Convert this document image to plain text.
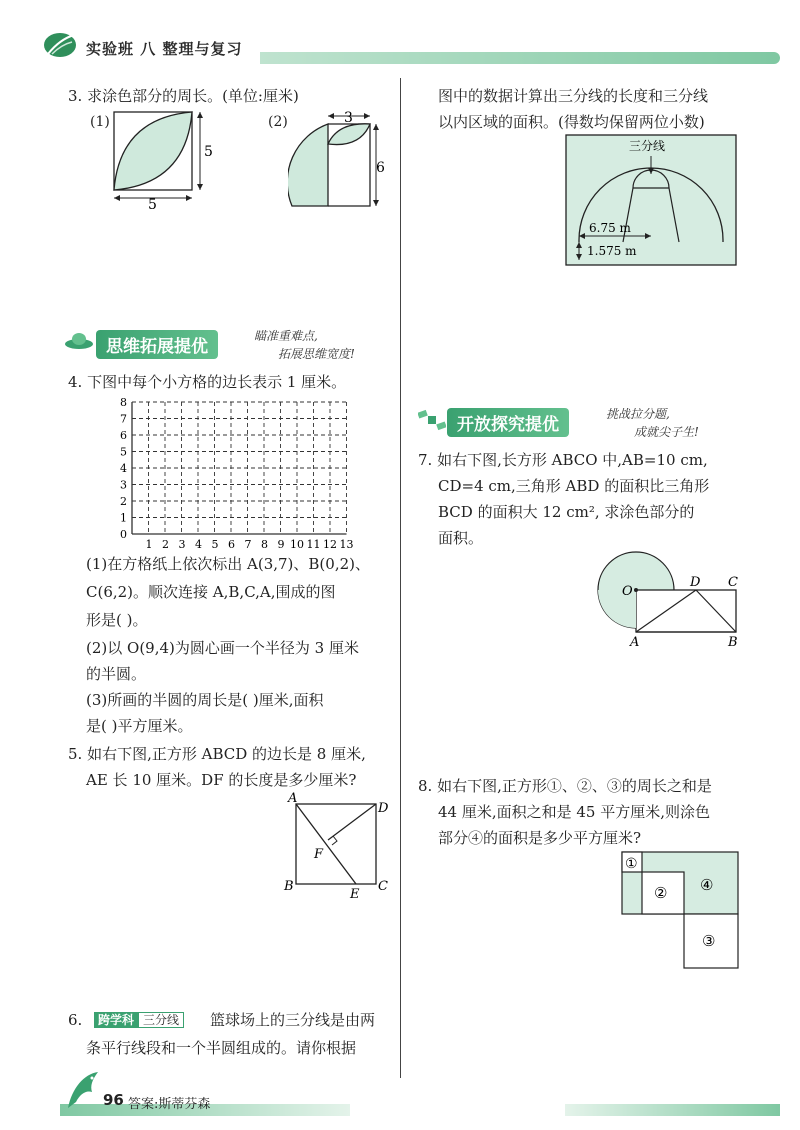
实验班 八 整理与复习
3. 求涂色部分的周长。(单位:厘米)
(1)
5
5
(2)	3
6
思维拓展提优
瞄准重难点,
拓展思维宽度!
4. 下图中每个小方格的边长表示 1 厘米。
8
7
6
5
4
3
2
1
0
1 2 3 4 5 6 7 8 9 10 11 12 13
(1)在方格纸上依次标出 A(3,7)、B(0,2)、
C(6,2)。顺次连接 A,B,C,A,围成的图
形是( )。
(2)以 O(9,4)为圆心画一个半径为 3 厘米
的半圆。
(3)所画的半圆的周长是( )厘米,面积
是( )平方厘米。
5. 如右下图,正方形 ABCD 的边长是 8 厘米,
AE 长 10 厘米。DF 的长度是多少厘米?
A
D
B	C
E
F
6.	跨学科 三分线	篮球场上的三分线是由两
条平行线段和一个半圆组成的。请你根据
图中的数据计算出三分线的长度和三分线
以内区域的面积。(得数均保留两位小数)
三分线
6.75 m
1.575 m
开放探究提优
挑战拉分题,
成就尖子生!
7. 如右下图,长方形 ABCO 中,AB=10 cm,
CD=4 cm,三角形 ABD 的面积比三角形
BCD 的面积大 12 cm², 求涂色部分的
面积。
O
D C
A	B
8. 如右下图,正方形①、②、③的周长之和是
44 厘米,面积之和是 45 平方厘米,则涂色
部分④的面积是多少平方厘米?
①
② ④
③
96 答案:斯蒂芬森
